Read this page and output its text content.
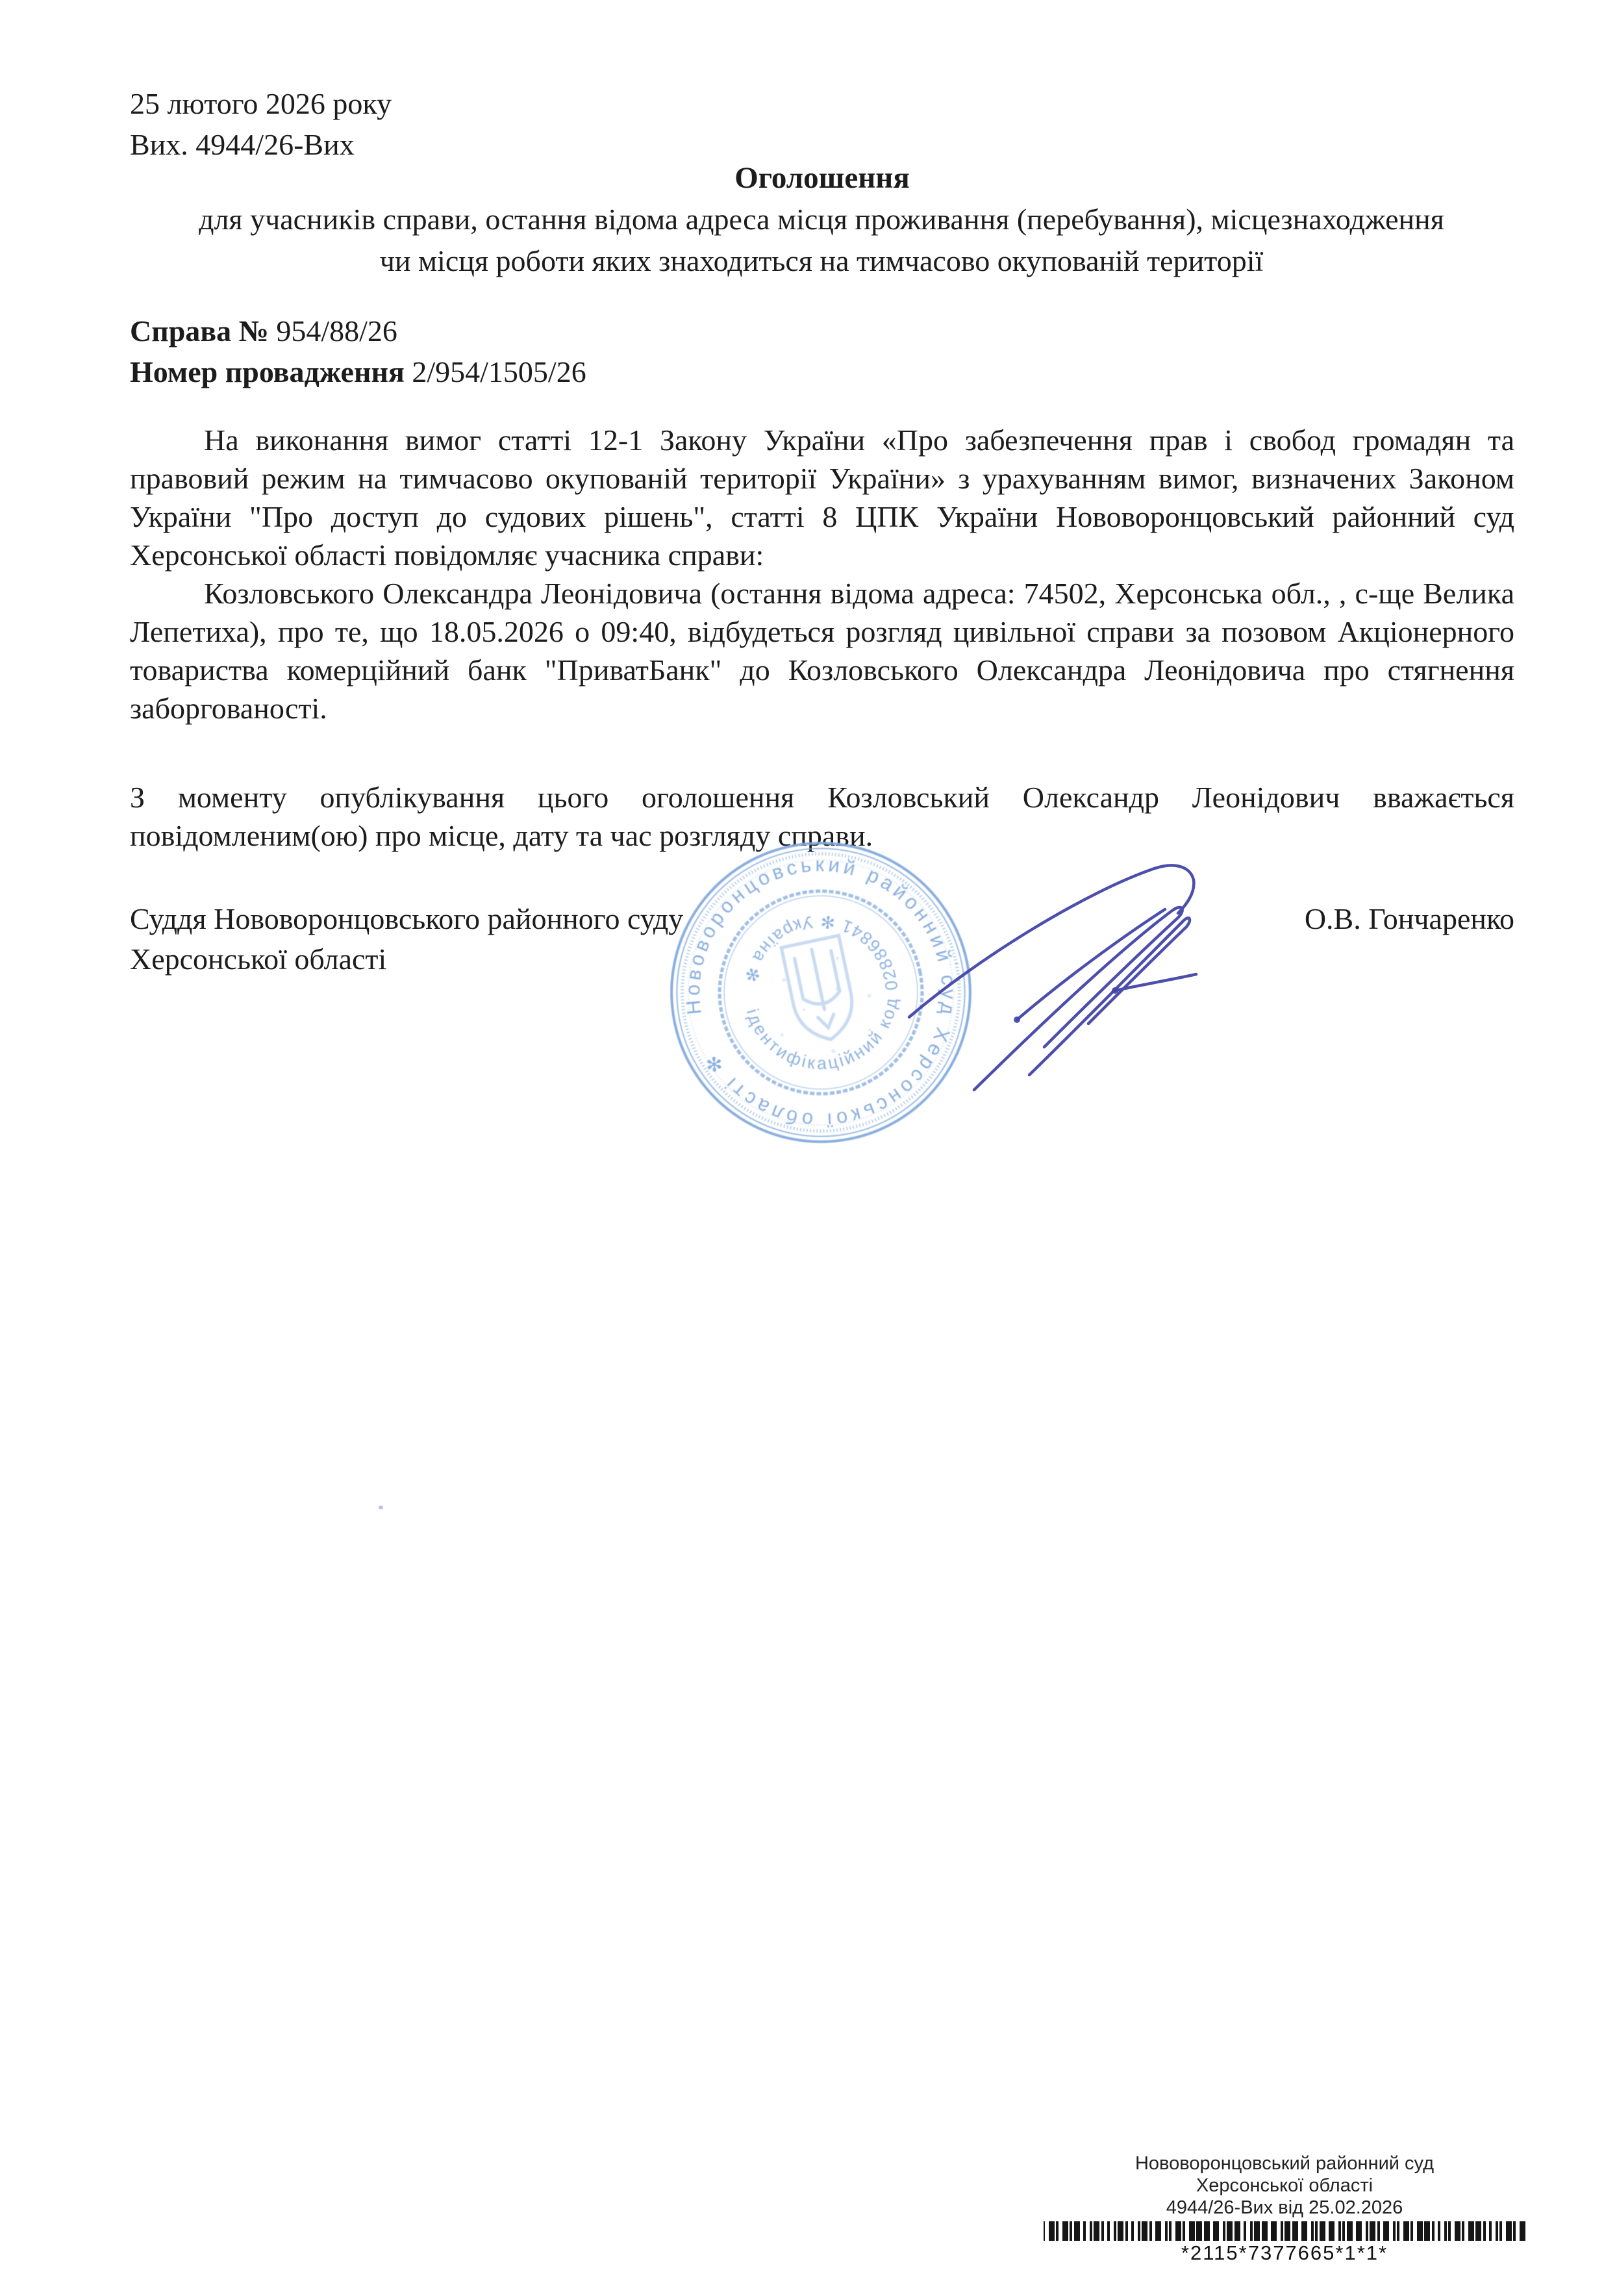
25 лютого 2026 року
Вих. 4944/26-Вих
Оголошення
для учасників справи, остання відома адреса місця проживання (перебування), місцезнаходження
чи місця роботи яких знаходиться на тимчасово окупованій території
Справа № 954/88/26
Номер провадження 2/954/1505/26
На виконання вимог статті 12-1 Закону України «Про забезпечення прав і свобод громадян та правовий режим на тимчасово окупованій території України» з урахуванням вимог, визначених Законом України "Про доступ до судових рішень", статті 8 ЦПК України Нововоронцовський районний суд Херсонської області повідомляє учасника справи:
Козловського Олександра Леонідовича (остання відома адреса: 74502, Херсонська обл., , с-ще Велика Лепетиха), про те, що 18.05.2026 о 09:40, відбудеться розгляд цивільної справи за позовом Акціонерного товариства комерційний банк "ПриватБанк" до Козловського Олександра Леонідовича про стягнення заборгованості.
З моменту опублікування цього оголошення Козловський Олександр Леонідович вважається повідомленим(ою) про місце, дату та час розгляду справи.
Суддя Нововоронцовського районного суду
Херсонської області
О.В. Гончаренко
Нововоронцовський районний суд Херсонської області ✻
ідентифікаційний код 02886841 ✻ Україна ✻
Нововоронцовський районний суд
Херсонської області
4944/26-Вих від 25.02.2026
*2115*7377665*1*1*
